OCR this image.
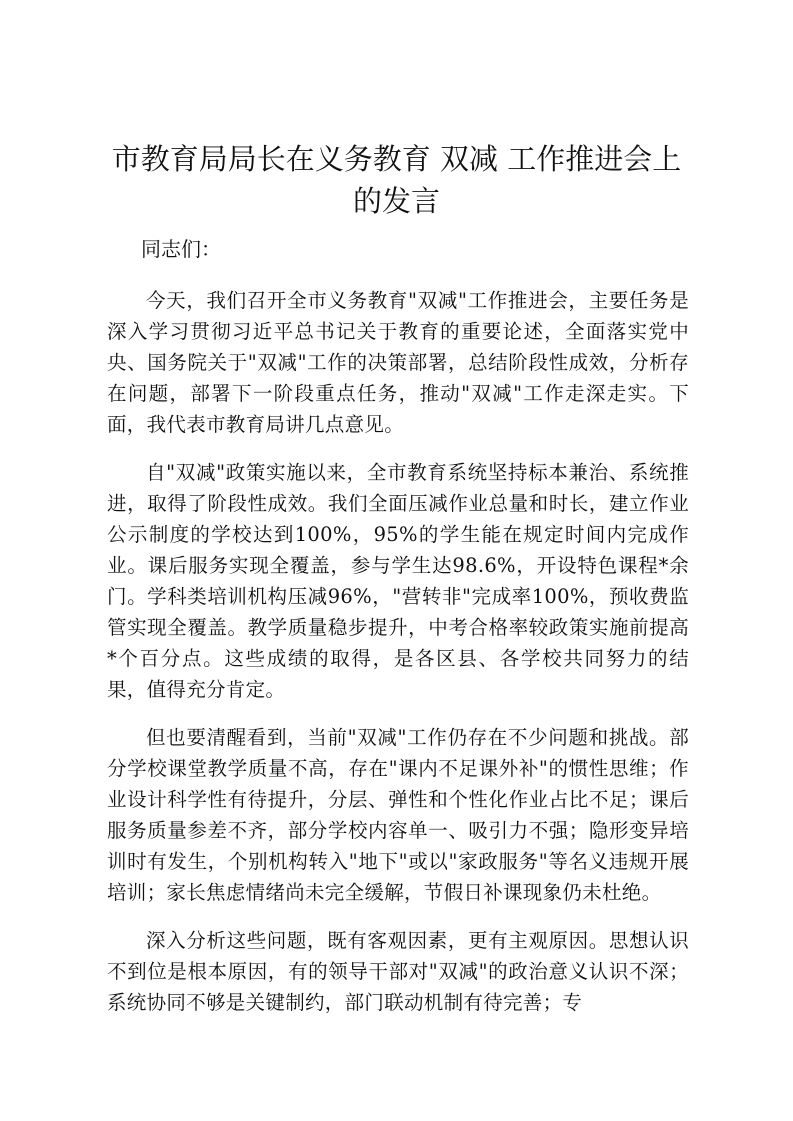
市教育局局长在义务教育 双减 工作推进会上的发言

同志们：

今天，我们召开全市义务教育"双减"工作推进会，主要任务是深入学习贯彻习近平总书记关于教育的重要论述，全面落实党中央、国务院关于"双减"工作的决策部署，总结阶段性成效，分析存在问题，部署下一阶段重点任务，推动"双减"工作走深走实。下面，我代表市教育局讲几点意见。

自"双减"政策实施以来，全市教育系统坚持标本兼治、系统推进，取得了阶段性成效。我们全面压减作业总量和时长，建立作业公示制度的学校达到100%，95%的学生能在规定时间内完成作业。课后服务实现全覆盖，参与学生达98.6%，开设特色课程*余门。学科类培训机构压减96%，"营转非"完成率100%，预收费监管实现全覆盖。教学质量稳步提升，中考合格率较政策实施前提高*个百分点。这些成绩的取得，是各区县、各学校共同努力的结果，值得充分肯定。

但也要清醒看到，当前"双减"工作仍存在不少问题和挑战。部分学校课堂教学质量不高，存在"课内不足课外补"的惯性思维；作业设计科学性有待提升，分层、弹性和个性化作业占比不足；课后服务质量参差不齐，部分学校内容单一、吸引力不强；隐形变异培训时有发生，个别机构转入"地下"或以"家政服务"等名义违规开展培训；家长焦虑情绪尚未完全缓解，节假日补课现象仍未杜绝。

深入分析这些问题，既有客观因素，更有主观原因。思想认识不到位是根本原因，有的领导干部对"双减"的政治意义认识不深；系统协同不够是关键制约，部门联动机制有待完善；专
